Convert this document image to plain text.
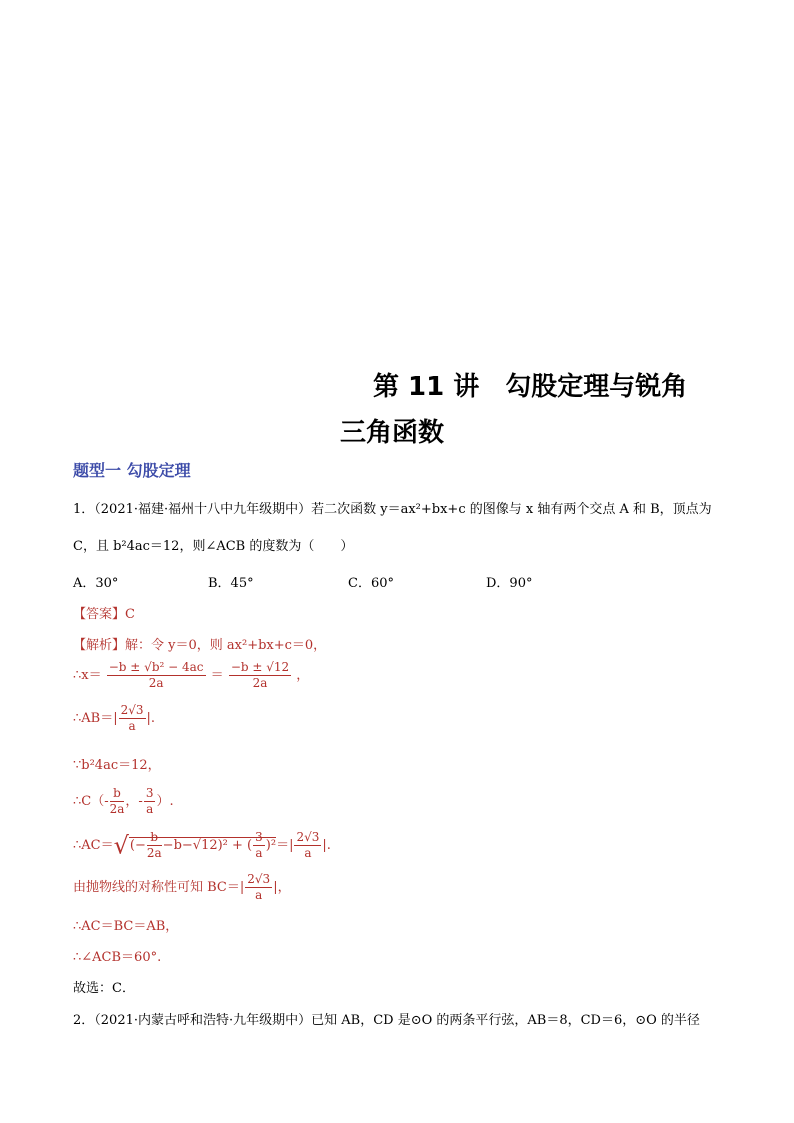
第 11 讲　勾股定理与锐角
三角函数
题型一 勾股定理
1．（2021·福建·福州十八中九年级期中）若二次函数 y＝ax²+bx+c 的图像与 x 轴有两个交点 A 和 B，顶点为
C，且 b²4ac＝12，则∠ACB 的度数为（　　）
A．30°	B．45°	C．60°	D．90°
【答案】C
【解析】解：令 y＝0，则 ax²+bx+c＝0，
∴x＝ $\frac{\text{−b ± √b² − 4ac}}{2a} = \frac{-b \pm √12}{2a}$ ，
∴AB＝| $\frac{2√3}{a}$ |.
∵b²4ac＝12，
∴C（- $\frac{b}{2a}$ ，- $\frac{3}{a}$ ）.
∴AC＝√(− $\frac{b}{2a} -b-√12)^2$ + ( $\frac{3}{a} )^2=| \frac{2√3}{a}$ |.
由抛物线的对称性可知 $BC=| \frac{2√3}{a}$ |，
∴AC＝BC＝AB，
∴∠ACB＝60°.
故选：C．
2．（2021·内蒙古呼和浩特·九年级期中）已知 AB，CD 是⊙O 的两条平行弦，AB＝8，CD＝6，⊙O 的半径
